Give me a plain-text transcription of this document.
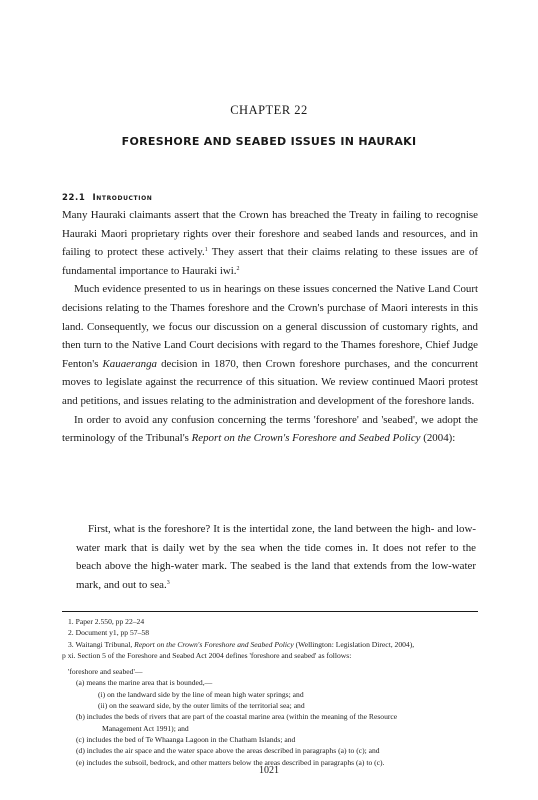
CHAPTER 22
FORESHORE AND SEABED ISSUES IN HAURAKI
22.1 Introduction

Many Hauraki claimants assert that the Crown has breached the Treaty in failing to recognise Hauraki Maori proprietary rights over their foreshore and seabed lands and resources, and in failing to protect these actively.$^1$ They assert that their claims relating to these issues are of fundamental importance to Hauraki iwi.$^2$

Much evidence presented to us in hearings on these issues concerned the Native Land Court decisions relating to the Thames foreshore and the Crown's purchase of Maori interests in this land. Consequently, we focus our discussion on a general discussion of customary rights, and then turn to the Native Land Court decisions with regard to the Thames foreshore, Chief Judge Fenton's Kauaeranga decision in 1870, then Crown foreshore purchases, and the concurrent moves to legislate against the recurrence of this situation. We review continued Maori protest and petitions, and issues relating to the administration and development of the foreshore lands.

In order to avoid any confusion concerning the terms 'foreshore' and 'seabed', we adopt the terminology of the Tribunal's Report on the Crown's Foreshore and Seabed Policy (2004):

First, what is the foreshore? It is the intertidal zone, the land between the high- and low-water mark that is daily wet by the sea when the tide comes in. It does not refer to the beach above the high-water mark. The seabed is the land that extends from the low-water mark, and out to sea.$^3$

1. Paper 2.550, pp 22–24
2. Document y1, pp 57–58
3. Waitangi Tribunal, Report on the Crown's Foreshore and Seabed Policy (Wellington: Legislation Direct, 2004),
p xi. Section 5 of the Foreshore and Seabed Act 2004 defines 'foreshore and seabed' as follows:
'foreshore and seabed'—
(a) means the marine area that is bounded,—
(i) on the landward side by the line of mean high water springs; and
(ii) on the seaward side, by the outer limits of the territorial sea; and
(b) includes the beds of rivers that are part of the coastal marine area (within the meaning of the Resource
Management Act 1991); and
(c) includes the bed of Te Whaanga Lagoon in the Chatham Islands; and
(d) includes the air space and the water space above the areas described in paragraphs (a) to (c); and
(e) includes the subsoil, bedrock, and other matters below the areas described in paragraphs (a) to (c).
1021
